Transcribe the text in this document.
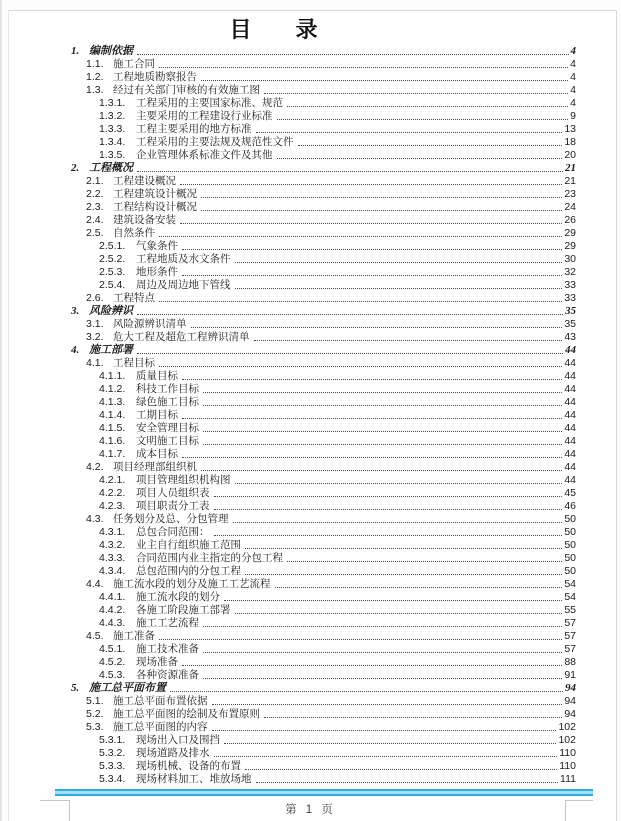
目　　录
1. 编制依据	4
1.1. 施工合同	4
1.2. 工程地质勘察报告	4
1.3. 经过有关部门审核的有效施工图	4
1.3.1.	工程采用的主要国家标准、规范	4
1.3.2.	主要采用的工程建设行业标准	9
1.3.3.	工程主要采用的地方标准	13
1.3.4.	工程采用的主要法规及规范性文件	18
1.3.5.	企业管理体系标准文件及其他	20
2. 工程概况	21
2.1. 工程建设概况	21
2.2. 工程建筑设计概况	23
2.3. 工程结构设计概况	24
2.4. 建筑设备安装	26
2.5. 自然条件	29
2.5.1.	气象条件	29
2.5.2.	工程地质及水文条件	30
2.5.3.	地形条件	32
2.5.4.	周边及周边地下管线	33
2.6. 工程特点	33
3. 风险辨识	35
3.1. 风险源辨识清单	35
3.2. 危大工程及超危工程辨识清单	43
4. 施工部署	44
4.1. 工程目标	44
4.1.1.	质量目标	44
4.1.2.	科技工作目标	44
4.1.3.	绿色施工目标	44
4.1.4.	工期目标	44
4.1.5.	安全管理目标	44
4.1.6.	文明施工目标	44
4.1.7.	成本目标	44
4.2. 项目经理部组织机	44
4.2.1.	项目管理组织机构图	44
4.2.2.	项目人员组织表	45
4.2.3.	项目职责分工表	46
4.3. 任务划分及总、分包管理	50
4.3.1.	总包合同范围：	50
4.3.2.	业主自行组织施工范围	50
4.3.3.	合同范围内业主指定的分包工程	50
4.3.4.	总包范围内的分包工程	50
4.4. 施工流水段的划分及施工工艺流程	54
4.4.1.	施工流水段的划分	54
4.4.2.	各施工阶段施工部署	55
4.4.3.	施工工艺流程	57
4.5. 施工准备	57
4.5.1.	施工技术准备	57
4.5.2.	现场准备	88
4.5.3.	各种资源准备	91
5. 施工总平面布置	94
5.1. 施工总平面布置依据	94
5.2. 施工总平面图的绘制及布置原则	94
5.3. 施工总平面图的内容	102
5.3.1.	现场出入口及围挡	102
5.3.2.	现场道路及排水	110
5.3.3.	现场机械、设备的布置	110
5.3.4.	现场材料加工、堆放场地	111
第 1 页
